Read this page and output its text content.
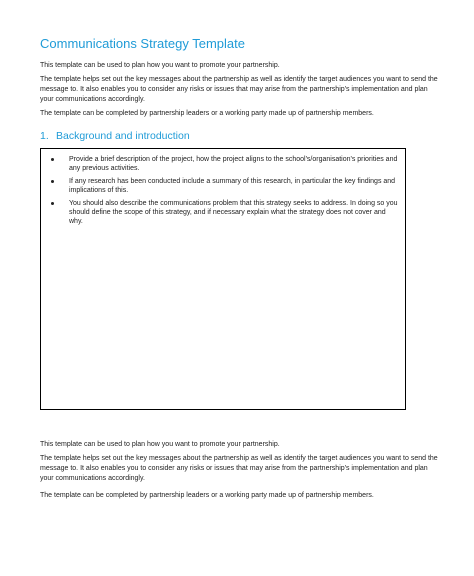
Communications Strategy Template

This template can be used to plan how you want to promote your partnership.

The template helps set out the key messages about the partnership as well as identify the target audiences you want to send the message to. It also enables you to consider any risks or issues that may arise from the partnership's implementation and plan your communications accordingly.

The template can be completed by partnership leaders or a working party made up of partnership members.

1. Background and introduction
Provide a brief description of the project, how the project aligns to the school's/organisation's priorities and any previous activities.
If any research has been conducted include a summary of this research, in particular the key findings and implications of this.
You should also describe the communications problem that this strategy seeks to address. In doing so you should define the scope of this strategy, and if necessary explain what the strategy does not cover and why.

This template can be used to plan how you want to promote your partnership.

The template helps set out the key messages about the partnership as well as identify the target audiences you want to send the message to. It also enables you to consider any risks or issues that may arise from the partnership's implementation and plan your communications accordingly.

The template can be completed by partnership leaders or a working party made up of partnership members.
